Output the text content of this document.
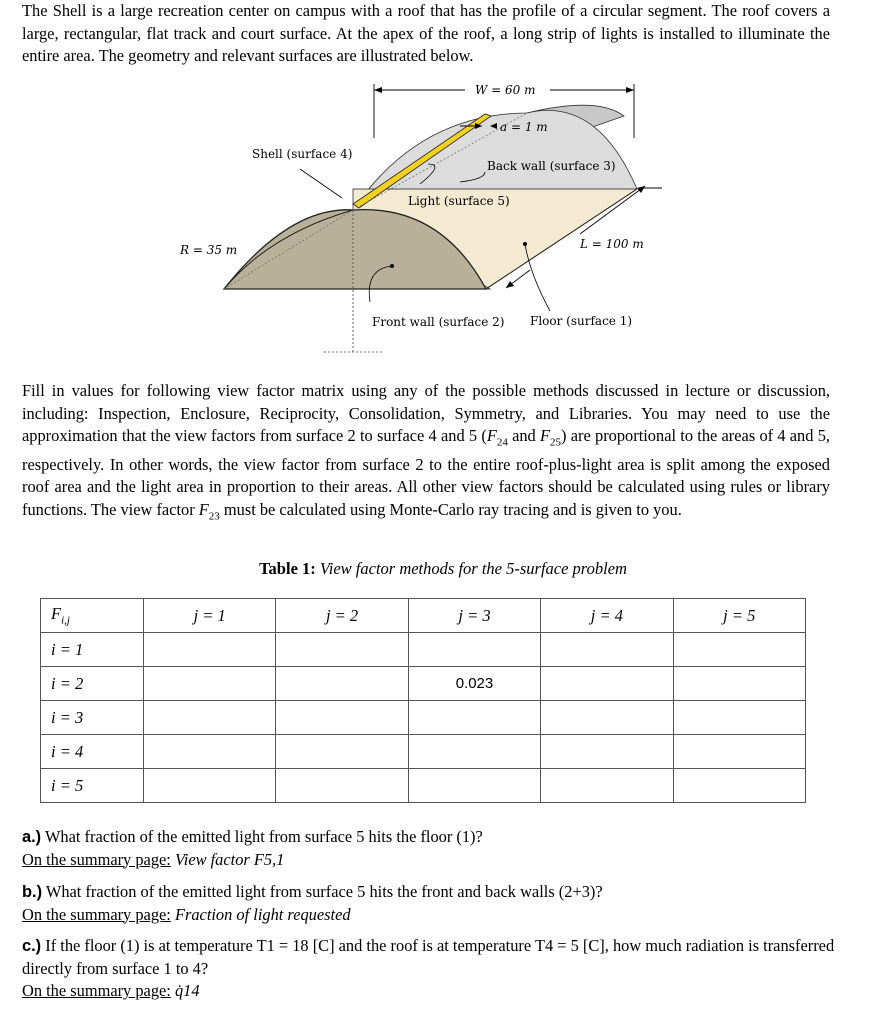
The Shell is a large recreation center on campus with a roof that has the profile of a circular segment. The roof covers a large, rectangular, flat track and court surface. At the apex of the roof, a long strip of lights is installed to illuminate the entire area. The geometry and relevant surfaces are illustrated below.

W = 60 m
a = 1 m
L = 100 m
Shell (surface 4)
Back wall (surface 3)
Light (surface 5)
R = 35 m
Front wall (surface 2) Floor (surface 1)

Fill in values for following view factor matrix using any of the possible methods discussed in lecture or discussion, including: Inspection, Enclosure, Reciprocity, Consolidation, Symmetry, and Libraries. You may need to use the approximation that the view factors from surface 2 to surface 4 and 5 ($F_{24}$ and $F_{25}$) are proportional to the areas of 4 and 5, respectively. In other words, the view factor from surface 2 to the entire roof-plus-light area is split among the exposed roof area and the light area in proportion to their areas. All other view factors should be calculated using rules or library functions. The view factor $F_{23}$ must be calculated using Monte-Carlo ray tracing and is given to you.

Table 1: View factor methods for the 5-surface problem

$F_{i,j}$	j = 1	j = 2	j = 3	j = 4	j = 5
i = 1					
i = 2			0.023		
i = 3					
i = 4					
i = 5					
a.) What fraction of the emitted light from surface 5 hits the floor (1)?
On the summary page: View factor F5,1
b.) What fraction of the emitted light from surface 5 hits the front and back walls (2+3)?
On the summary page: Fraction of light requested
c.) If the floor (1) is at temperature T1 = 18 [C] and the roof is at temperature T4 = 5 [C], how much radiation is transferred directly from surface 1 to 4?
On the summary page: q̇14
